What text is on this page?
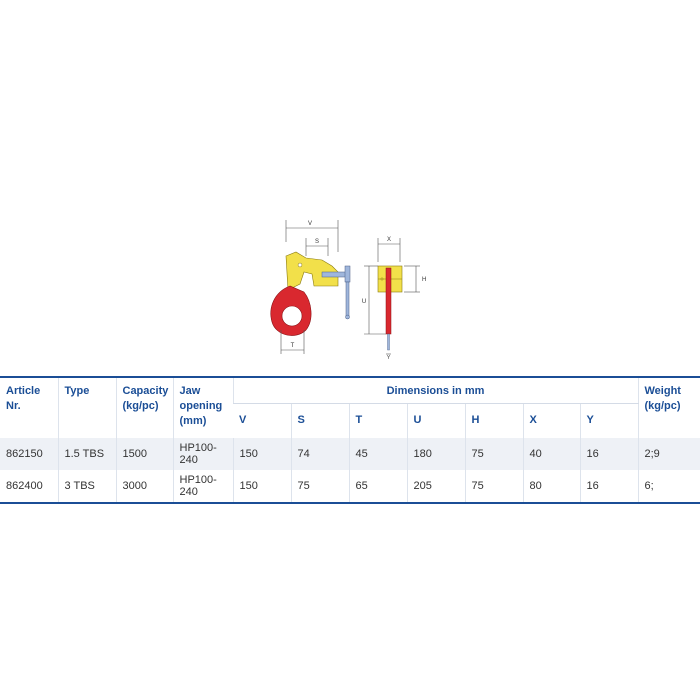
V
S
T
X
H
U
Y
Article Nr.	Type	Capacity (kg/pc)	Jaw opening (mm)	Dimensions in mm							Weight (kg/pc)
				V	S	T	U	H	X	Y	
862150	1.5 TBS	1500	HP100-240	150	74	45	180	75	40	16	2;9
862400	3 TBS	3000	HP100-240	150	75	65	205	75	80	16	6;
